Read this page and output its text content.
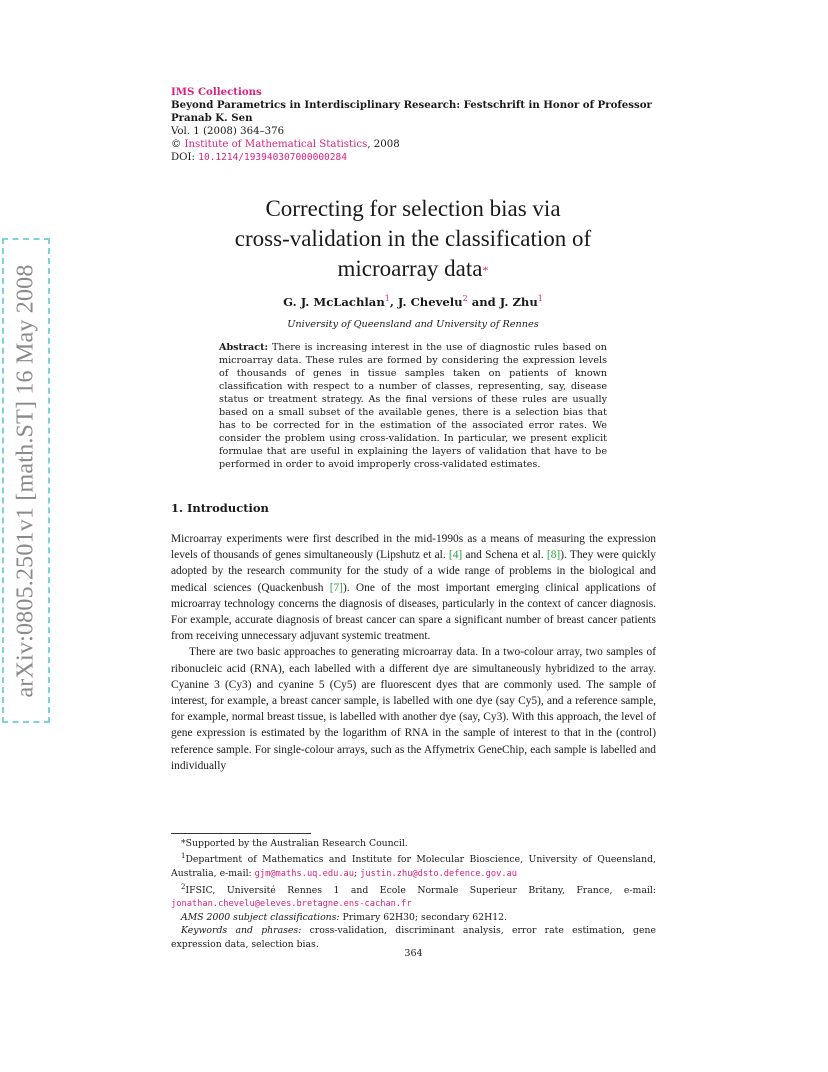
arXiv:0805.2501v1 [math.ST] 16 May 2008
IMS Collections
Beyond Parametrics in Interdisciplinary Research: Festschrift in Honor of Professor
Pranab K. Sen
Vol. 1 (2008) 364–376
© Institute of Mathematical Statistics, 2008
DOI: 10.1214/193940307000000284
Correcting for selection bias via
cross-validation in the classification of
microarray data*
G. J. McLachlan$^1$, J. Chevelu$^2$ and J. Zhu$^1$
University of Queensland and University of Rennes
Abstract: There is increasing interest in the use of diagnostic rules based on microarray data. These rules are formed by considering the expression levels of thousands of genes in tissue samples taken on patients of known classification with respect to a number of classes, representing, say, disease status or treatment strategy. As the final versions of these rules are usually based on a small subset of the available genes, there is a selection bias that has to be corrected for in the estimation of the associated error rates. We consider the problem using cross-validation. In particular, we present explicit formulae that are useful in explaining the layers of validation that have to be performed in order to avoid improperly cross-validated estimates.
1. Introduction

Microarray experiments were first described in the mid-1990s as a means of measuring the expression levels of thousands of genes simultaneously (Lipshutz et al. [4] and Schena et al. [8]). They were quickly adopted by the research community for the study of a wide range of problems in the biological and medical sciences (Quackenbush [7]). One of the most important emerging clinical applications of microarray technology concerns the diagnosis of diseases, particularly in the context of cancer diagnosis. For example, accurate diagnosis of breast cancer can spare a significant number of breast cancer patients from receiving unnecessary adjuvant systemic treatment.

There are two basic approaches to generating microarray data. In a two-colour array, two samples of ribonucleic acid (RNA), each labelled with a different dye are simultaneously hybridized to the array. Cyanine 3 (Cy3) and cyanine 5 (Cy5) are fluorescent dyes that are commonly used. The sample of interest, for example, a breast cancer sample, is labelled with one dye (say Cy5), and a reference sample, for example, normal breast tissue, is labelled with another dye (say, Cy3). With this approach, the level of gene expression is estimated by the logarithm of RNA in the sample of interest to that in the (control) reference sample. For single-colour arrays, such as the Affymetrix GeneChip, each sample is labelled and individually

*Supported by the Australian Research Council.

$^1$Department of Mathematics and Institute for Molecular Bioscience, University of Queensland, Australia, e-mail: gjm@maths.uq.edu.au; justin.zhu@dsto.defence.gov.au

$^2$IFSIC, Université Rennes 1 and Ecole Normale Superieur Britany, France, e-mail: jonathan.chevelu@eleves.bretagne.ens-cachan.fr

AMS 2000 subject classifications: Primary 62H30; secondary 62H12.

Keywords and phrases: cross-validation, discriminant analysis, error rate estimation, gene expression data, selection bias.

364
